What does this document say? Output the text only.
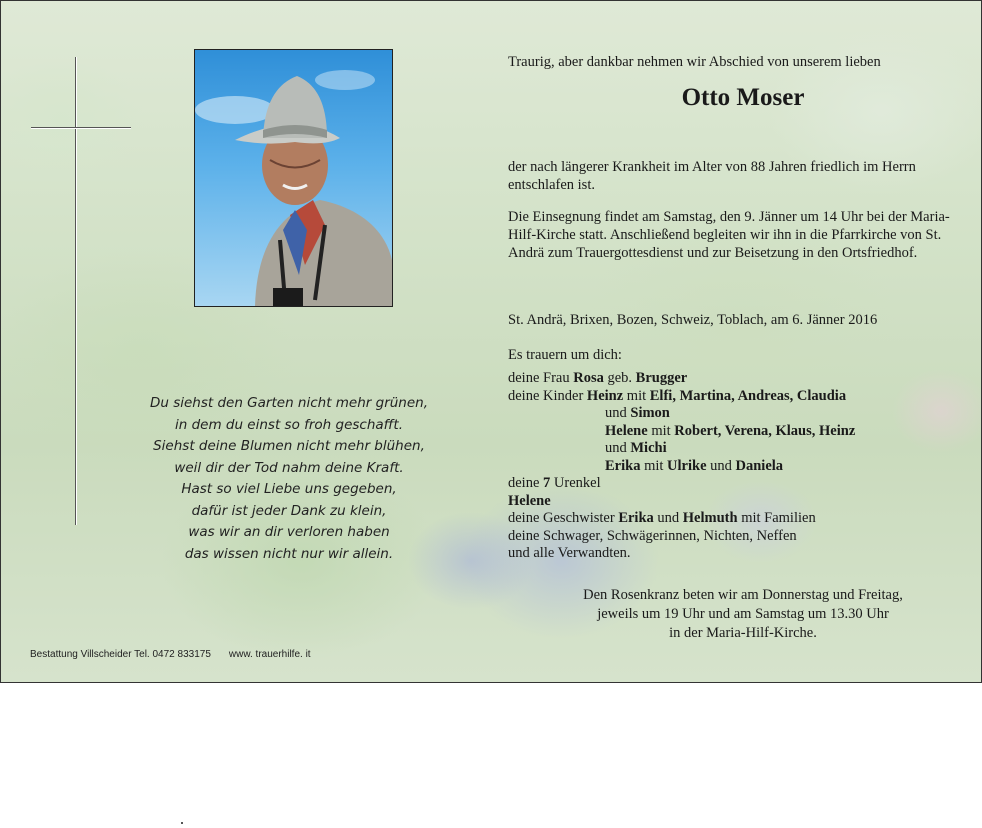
Du siehst den Garten nicht mehr grünen,
in dem du einst so froh geschafft.
Siehst deine Blumen nicht mehr blühen,
weil dir der Tod nahm deine Kraft.
Hast so viel Liebe uns gegeben,
dafür ist jeder Dank zu klein,
was wir an dir verloren haben
das wissen nicht nur wir allein.
Bestattung Villscheider Tel. 0472 833175 www. trauerhilfe. it
Traurig, aber dankbar nehmen wir Abschied von unserem lieben
Otto Moser
der nach längerer Krankheit im Alter von 88 Jahren friedlich im Herrn entschlafen ist.
Die Einsegnung findet am Samstag, den 9. Jänner um 14 Uhr bei der Maria-Hilf-Kirche statt. Anschließend begleiten wir ihn in die Pfarrkirche von St. Andrä zum Trauergottesdienst und zur Beisetzung in den Ortsfriedhof.
St. Andrä, Brixen, Bozen, Schweiz, Toblach, am 6. Jänner 2016
Es trauern um dich:
deine Frau Rosa geb. Brugger
deine Kinder Heinz mit Elfi, Martina, Andreas, Claudia
und Simon
Helene mit Robert, Verena, Klaus, Heinz
und Michi
Erika mit Ulrike und Daniela
deine 7 Urenkel
Helene
deine Geschwister Erika und Helmuth mit Familien
deine Schwager, Schwägerinnen, Nichten, Neffen
und alle Verwandten.
Den Rosenkranz beten wir am Donnerstag und Freitag,
jeweils um 19 Uhr und am Samstag um 13.30 Uhr
in der Maria-Hilf-Kirche.
